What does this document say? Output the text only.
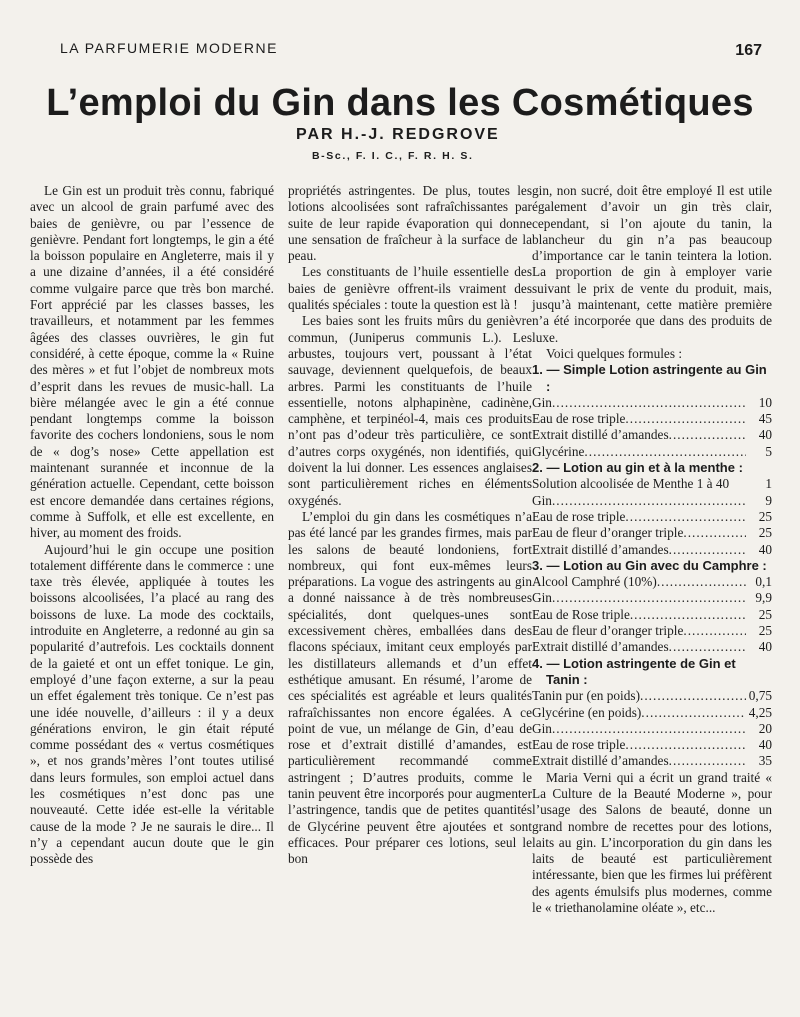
LA PARFUMERIE MODERNE	167
L’emploi du Gin dans les Cosmétiques
PAR H.-J. REDGROVE
B-Sc., F. I. C., F. R. H. S.

Le Gin est un produit très connu, fabriqué avec un alcool de grain parfumé avec des baies de genièvre, ou par l’essence de genièvre. Pendant fort longtemps, le gin a été la boisson populaire en Angleterre, mais il y a une dizaine d’années, il a été considéré comme vulgaire parce que très bon marché. Fort apprécié par les classes basses, les travailleurs, et notamment par les femmes âgées des classes ouvrières, le gin fut considéré, à cette époque, comme la « Ruine des mères » et fut l’objet de nombreux mots d’esprit dans les revues de music-hall. La bière mélangée avec le gin a été connue pendant longtemps comme la boisson favorite des cochers londoniens, sous le nom de « dog’s nose» Cette appellation est maintenant surannée et inconnue de la génération actuelle. Cependant, cette boisson est encore demandée dans certaines régions, comme à Suffolk, et elle est excellente, en hiver, au moment des froids.

Aujourd’hui le gin occupe une position totalement différente dans le commerce : une taxe très élevée, appliquée à toutes les boissons alcoolisées, l’a placé au rang des boissons de luxe. La mode des cocktails, introduite en Angleterre, a redonné au gin sa popularité d’autrefois. Les cocktails donnent de la gaieté et ont un effet tonique. Le gin, employé d’une façon externe, a sur la peau un effet également très tonique. Ce n’est pas une idée nouvelle, d’ailleurs : il y a deux générations environ, le gin était réputé comme possédant des « vertus cosmétiques », et nos grands’mères l’ont toutes utilisé dans leurs formules, son emploi actuel dans les cosmétiques n’est donc pas une nouveauté. Cette idée est-elle la véritable cause de la mode ? Je ne saurais le dire... Il n’y a cependant aucun doute que le gin possède des

propriétés astringentes. De plus, toutes les lotions alcoolisées sont rafraîchissantes par suite de leur rapide évaporation qui donne une sensation de fraîcheur à la surface de la peau.

Les constituants de l’huile essentielle des baies de genièvre offrent-ils vraiment des qualités spéciales : toute la question est là !

Les baies sont les fruits mûrs du genièvre commun, (Juniperus communis L.). Les arbustes, toujours vert, poussant à l’état sauvage, deviennent quelquefois, de beaux arbres. Parmi les constituants de l’huile essentielle, notons alphapinène, cadinène, camphène, et terpinéol-4, mais ces produits n’ont pas d’odeur très particulière, ce sont d’autres corps oxygénés, non identifiés, qui doivent la lui donner. Les essences anglaises sont particulièrement riches en éléments oxygénés.

L’emploi du gin dans les cosmétiques n’a pas été lancé par les grandes firmes, mais par les salons de beauté londoniens, fort nombreux, qui font eux-mêmes leurs préparations. La vogue des astringents au gin a donné naissance à de très nombreuses spécialités, dont quelques-unes sont excessivement chères, emballées dans des flacons spéciaux, imitant ceux employés par les distillateurs allemands et d’un effet esthétique amusant. En résumé, l’arome de ces spécialités est agréable et leurs qualités rafraîchissantes non encore égalées. A ce point de vue, un mélange de Gin, d’eau de rose et d’extrait distillé d’amandes, est particulièrement recommandé comme astringent ; D’autres produits, comme le tanin peuvent être incorporés pour augmenter l’astringence, tandis que de petites quantités de Glycérine peuvent être ajoutées et sont efficaces. Pour préparer ces lotions, seul le bon

gin, non sucré, doit être employé Il est utile également d’avoir un gin très clair, cependant, si l’on ajoute du tanin, la blancheur du gin n’a pas beaucoup d’importance car le tanin teintera la lotion. La proportion de gin à employer varie suivant le prix de vente du produit, mais, jusqu’à maintenant, cette matière première n’a été incorporée que dans des produits de luxe.

Voici quelques formules :

1. — Simple Lotion astringente au Gin :
Gin .....	10
Eau de rose triple .....	45
Extrait distillé d’amandes .....	40
Glycérine .....	5
2. — Lotion au gin et à la menthe :
Solution alcoolisée de Menthe 1 à 40	1
Gin .....	9
Eau de rose triple .....	25
Eau de fleur d’oranger triple .....	25
Extrait distillé d’amandes .....	40
3. — Lotion au Gin avec du Camphre :
Alcool Camphré (10%) .....	0,1
Gin .....	9,9
Eau de Rose triple .....	25
Eau de fleur d’oranger triple .....	25
Extrait distillé d’amandes .....	40
4. — Lotion astringente de Gin et Tanin :
Tanin pur (en poids) .....	0,75
Glycérine (en poids) .....	4,25
Gin .....	20
Eau de rose triple .....	40
Extrait distillé d’amandes .....	35

Maria Verni qui a écrit un grand traité « La Culture de la Beauté Moderne », pour l’usage des Salons de beauté, donne un grand nombre de recettes pour des lotions, laits au gin. L’incorporation du gin dans les laits de beauté est particulièrement intéressante, bien que les firmes lui préfèrent des agents émulsifs plus modernes, comme le « triethanolamine oléate », etc...
